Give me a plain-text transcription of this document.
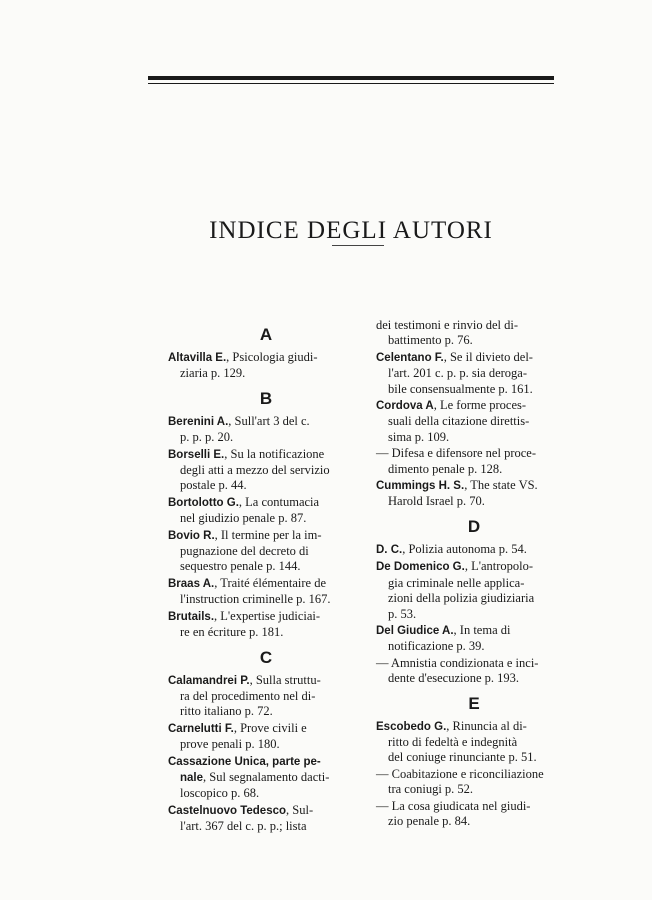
INDICE DEGLI AUTORI
A
Altavilla E., Psicologia giudi-
ziaria p. 129.
B
Berenini A., Sull'art 3 del c.
p. p. p. 20.
Borselli E., Su la notificazione
degli atti a mezzo del servizio
postale p. 44.
Bortolotto G., La contumacia
nel giudizio penale p. 87.
Bovio R., Il termine per la im-
pugnazione del decreto di
sequestro penale p. 144.
Braas A., Traité élémentaire de
l'instruction criminelle p. 167.
Brutails., L'expertise judiciai-
re en écriture p. 181.
C
Calamandrei P., Sulla struttu-
ra del procedimento nel di-
ritto italiano p. 72.
Carnelutti F., Prove civili e
prove penali p. 180.
Cassazione Unica, parte pe-
nale, Sul segnalamento dacti-
loscopico p. 68.
Castelnuovo Tedesco, Sul-
l'art. 367 del c. p. p.; lista
dei testimoni e rinvio del di-
battimento p. 76.
Celentano F., Se il divieto del-
l'art. 201 c. p. p. sia deroga-
bile consensualmente p. 161.
Cordova A, Le forme proces-
suali della citazione direttis-
sima p. 109.
— Difesa e difensore nel proce-
dimento penale p. 128.
Cummings H. S., The state VS.
Harold Israel p. 70.
D
D. C., Polizia autonoma p. 54.
De Domenico G., L'antropolo-
gia criminale nelle applica-
zioni della polizia giudiziaria
p. 53.
Del Giudice A., In tema di
notificazione p. 39.
— Amnistia condizionata e inci-
dente d'esecuzione p. 193.
E
Escobedo G., Rinuncia al di-
ritto di fedeltà e indegnità
del coniuge rinunciante p. 51.
— Coabitazione e riconciliazione
tra coniugi p. 52.
— La cosa giudicata nel giudi-
zio penale p. 84.
